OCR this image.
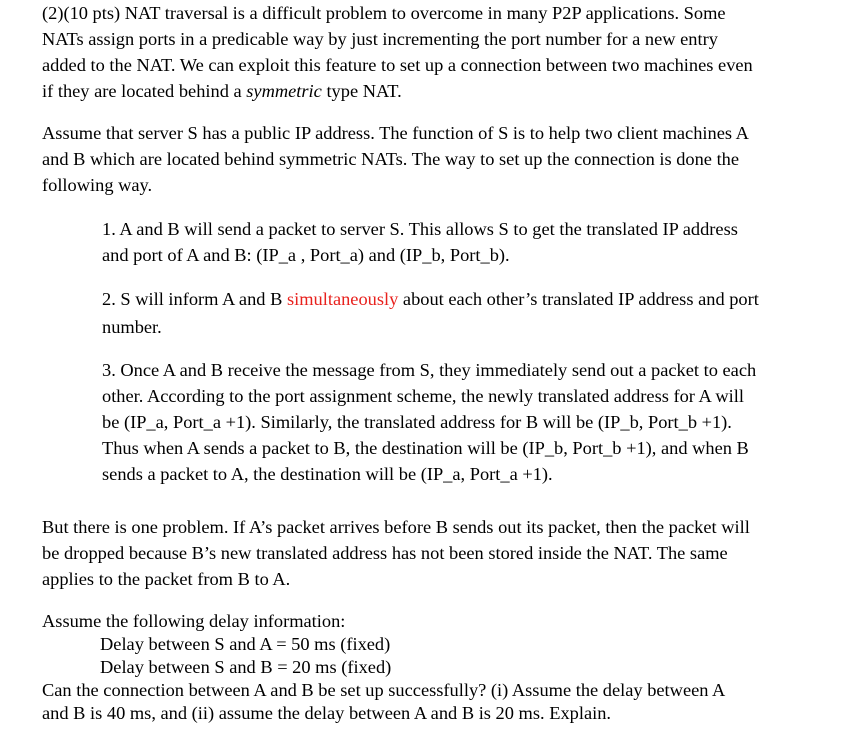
(2)(10 pts) NAT traversal is a difficult problem to overcome in many P2P applications. Some
NATs assign ports in a predicable way by just incrementing the port number for a new entry
added to the NAT. We can exploit this feature to set up a connection between two machines even
if they are located behind a symmetric type NAT.
Assume that server S has a public IP address. The function of S is to help two client machines A
and B which are located behind symmetric NATs. The way to set up the connection is done the
following way.
1. A and B will send a packet to server S. This allows S to get the translated IP address
and port of A and B: (IP_a , Port_a) and (IP_b, Port_b).
2. S will inform A and B simultaneously about each other’s translated IP address and port
number.
3. Once A and B receive the message from S, they immediately send out a packet to each
other. According to the port assignment scheme, the newly translated address for A will
be (IP_a, Port_a +1). Similarly, the translated address for B will be (IP_b, Port_b +1).
Thus when A sends a packet to B, the destination will be (IP_b, Port_b +1), and when B
sends a packet to A, the destination will be (IP_a, Port_a +1).
But there is one problem. If A’s packet arrives before B sends out its packet, then the packet will
be dropped because B’s new translated address has not been stored inside the NAT. The same
applies to the packet from B to A.
Assume the following delay information:
Delay between S and A = 50 ms (fixed)
Delay between S and B = 20 ms (fixed)
Can the connection between A and B be set up successfully? (i) Assume the delay between A
and B is 40 ms, and (ii) assume the delay between A and B is 20 ms. Explain.
